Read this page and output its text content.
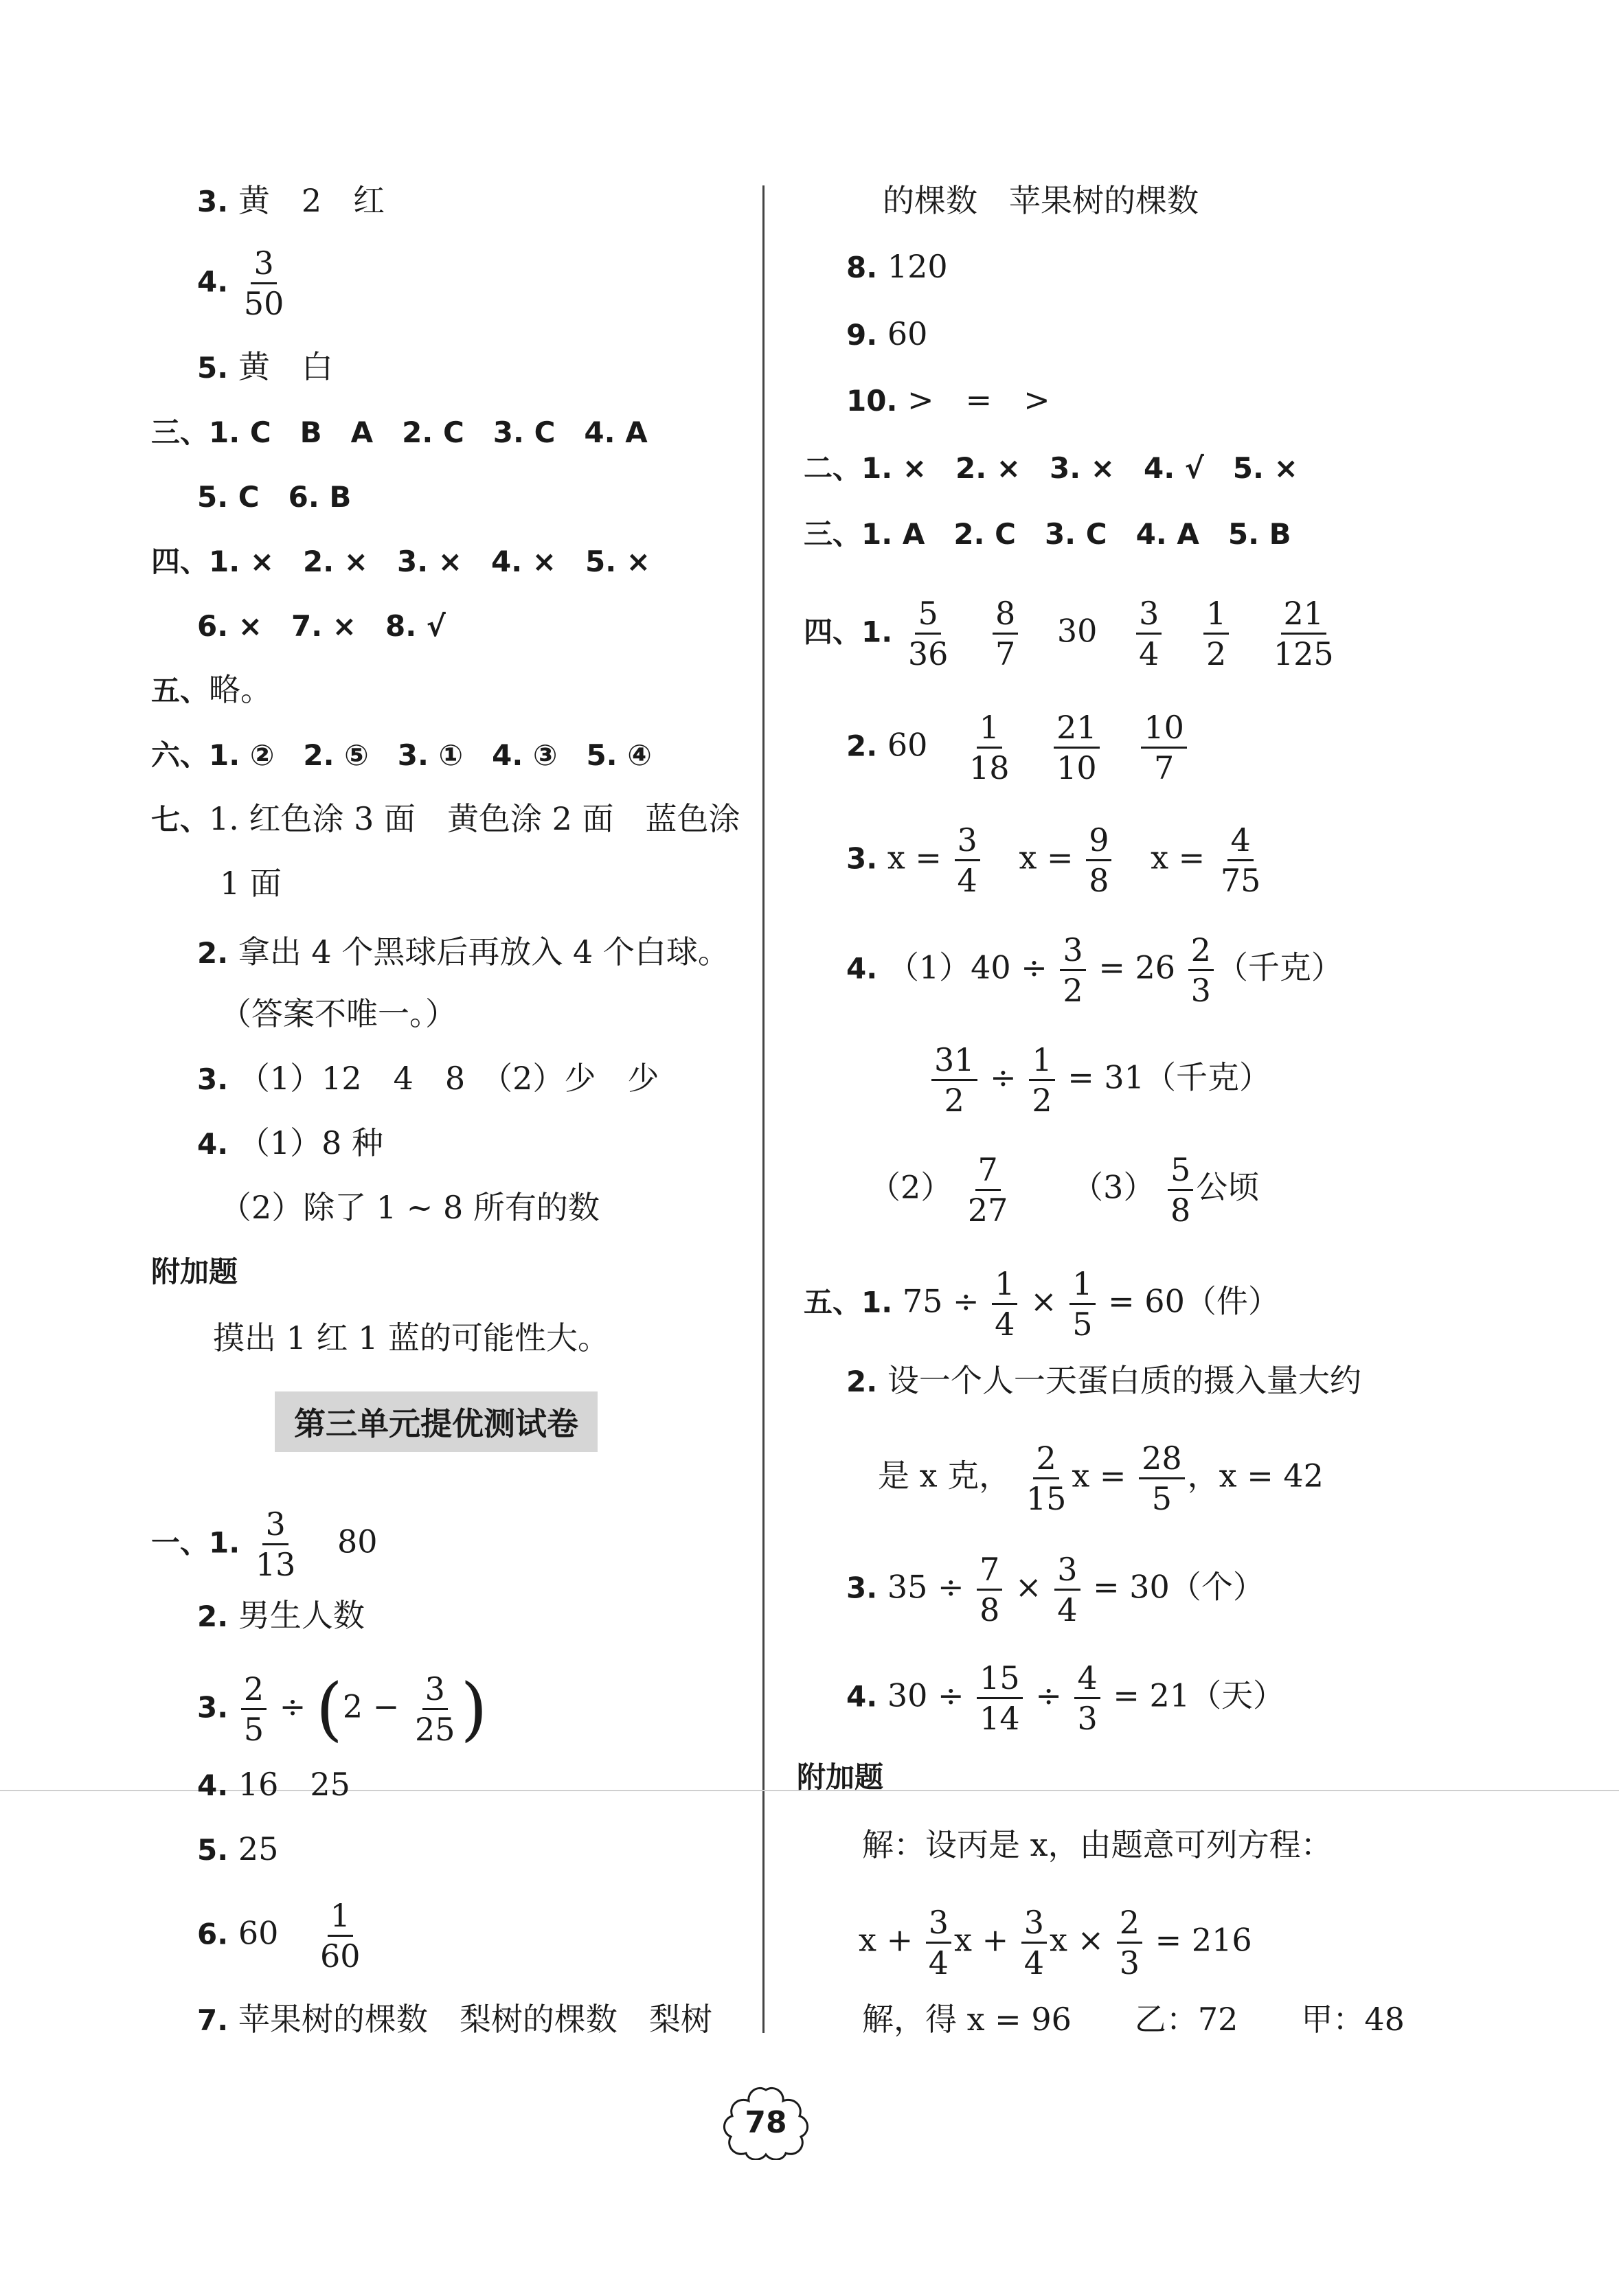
3. 黄　2　红
4. $\frac{3}{50}$
5. 黄　白
三、1. C　B　A　2. C　3. C　4. A
5. C　6. B
四、1. ×　2. ×　3. ×　4. ×　5. ×
6. ×　7. ×　8. √
五、略。
六、1. ②　2. ⑤　3. ①　4. ③　5. ④
七、1. 红色涂 3 面　黄色涂 2 面　蓝色涂
1 面
2. 拿出 4 个黑球后再放入 4 个白球。
（答案不唯一。）
3. （1）12　4　8　（2）少　少
4. （1）8 种
（2）除了 1 ~ 8 所有的数
附加题
摸出 1 红 1 蓝的可能性大。
一、1. $\frac{3}{13} 80$
2. 男生人数
3. $\frac{2}{5} \div (2 - \frac{3}{25}$ )
4. 16　25
5. 25
6. $60 \frac{1}{60}$
7. 苹果树的棵数　梨树的棵数　梨树
第三单元提优测试卷
的棵数　苹果树的棵数
8. 120
9. 60
10. >　=　>
二、1. ×　2. ×　3. ×　4. √　5. ×
三、1. A　2. C　3. C　4. A　5. B
四、1. $\frac{5}{36}$
$\frac{8}{7} 30 \frac{3}{4}$
$\frac{1}{2}$
$\frac{21}{125}$
2. $60 \frac{1}{18}$
$\frac{21}{10}$
$\frac{10}{7}$
3. $x = \frac{3}{4}$ $x = \frac{9}{8}$ $x = \frac{4}{75}$
4. $(1)40 \div \frac{3}{2} = 26 \frac{2}{3}$ （千克）
$\frac{31}{2} \div \frac{1}{2} = 31$（千克）
$(2) \frac{7}{27} (3) \frac{5}{8}$ 公顷
五、1. $75 \div \frac{1}{4} \times \frac{1}{5} = 60$（件）
2. 设一个人一天蛋白质的摄入量大约
是 x 克， $\frac{2}{15}$ $x = \frac{28}{5}$ ，x = 42
3. $35 \div \frac{7}{8} \times \frac{3}{4} = 30$（个）
4. $30 \div \frac{15}{14} \div \frac{4}{3} = 21$（天）
附加题
解：设丙是 x，由题意可列方程：
$x + \frac{3}{4}$ $x + \frac{3}{4}$ $x \times \frac{2}{3} = 216$
解，得 x = 96　　乙：72　　甲：48
78
